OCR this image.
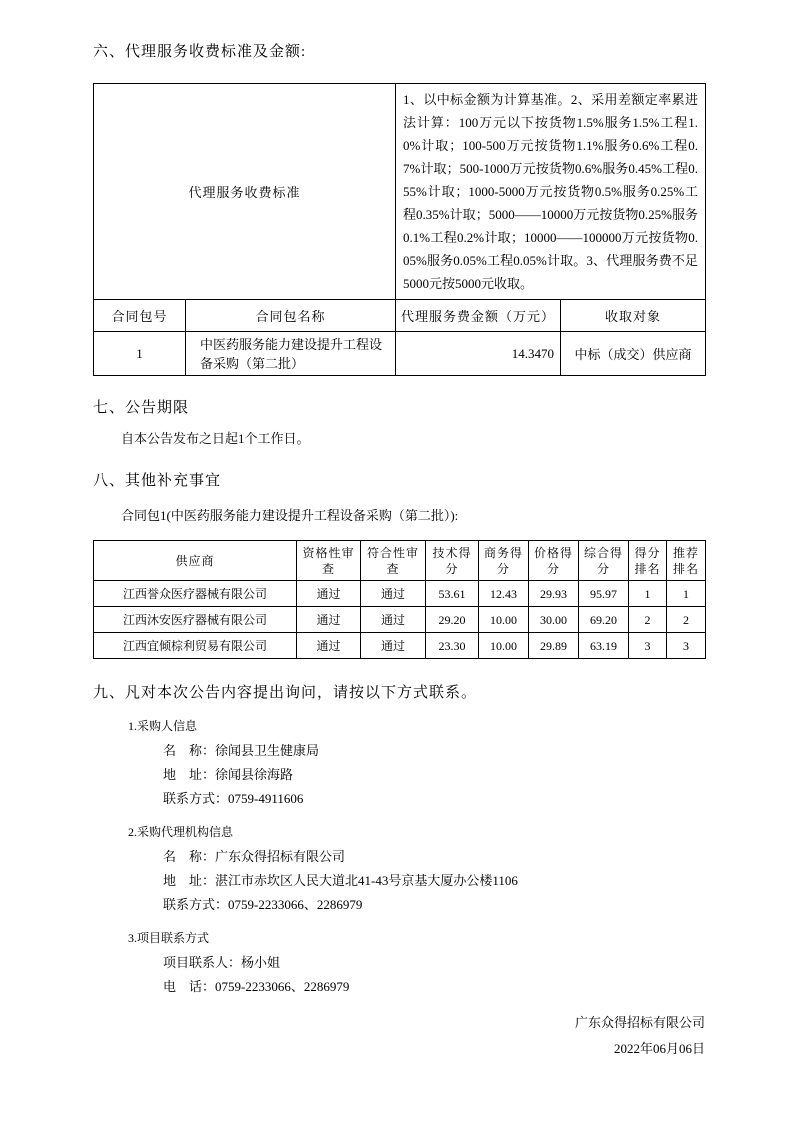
六、代理服务收费标准及金额:
代理服务收费标准		1、以中标金额为计算基准。2、采用差额定率累进法计算：100万元以下按货物1.5%服务1.5%工程1.0%计取；100-500万元按货物1.1%服务0.6%工程0.7%计取；500-1000万元按货物0.6%服务0.45%工程0.55%计取；1000-5000万元按货物0.5%服务0.25%工程0.35%计取；5000——10000万元按货物0.25%服务0.1%工程0.2%计取；10000——100000万元按货物0.05%服务0.05%工程0.05%计取。3、代理服务费不足5000元按5000元收取。	
合同包号	合同包名称	代理服务费金额（万元）	收取对象
1	中医药服务能力建设提升工程设备采购（第二批）	14.3470	中标（成交）供应商
七、公告期限
自本公告发布之日起1个工作日。
八、其他补充事宜
合同包1(中医药服务能力建设提升工程设备采购（第二批）):
供应商	资格性审查	符合性审查	技术得分	商务得分	价格得分	综合得分	得分排名	推荐排名
江西誉众医疗器械有限公司	通过	通过	53.61	12.43	29.93	95.97	1	1
江西沐安医疗器械有限公司	通过	通过	29.20	10.00	30.00	69.20	2	2
江西宜倾棕利贸易有限公司	通过	通过	23.30	10.00	29.89	63.19	3	3
九、凡对本次公告内容提出询问，请按以下方式联系。
1.采购人信息
名　称：徐闻县卫生健康局
地　址：徐闻县徐海路
联系方式：0759-4911606
2.采购代理机构信息
名　称：广东众得招标有限公司
地　址：湛江市赤坎区人民大道北41-43号京基大厦办公楼1106
联系方式：0759-2233066、2286979
3.项目联系方式
项目联系人：杨小姐
电　话：0759-2233066、2286979
广东众得招标有限公司
2022年06月06日
